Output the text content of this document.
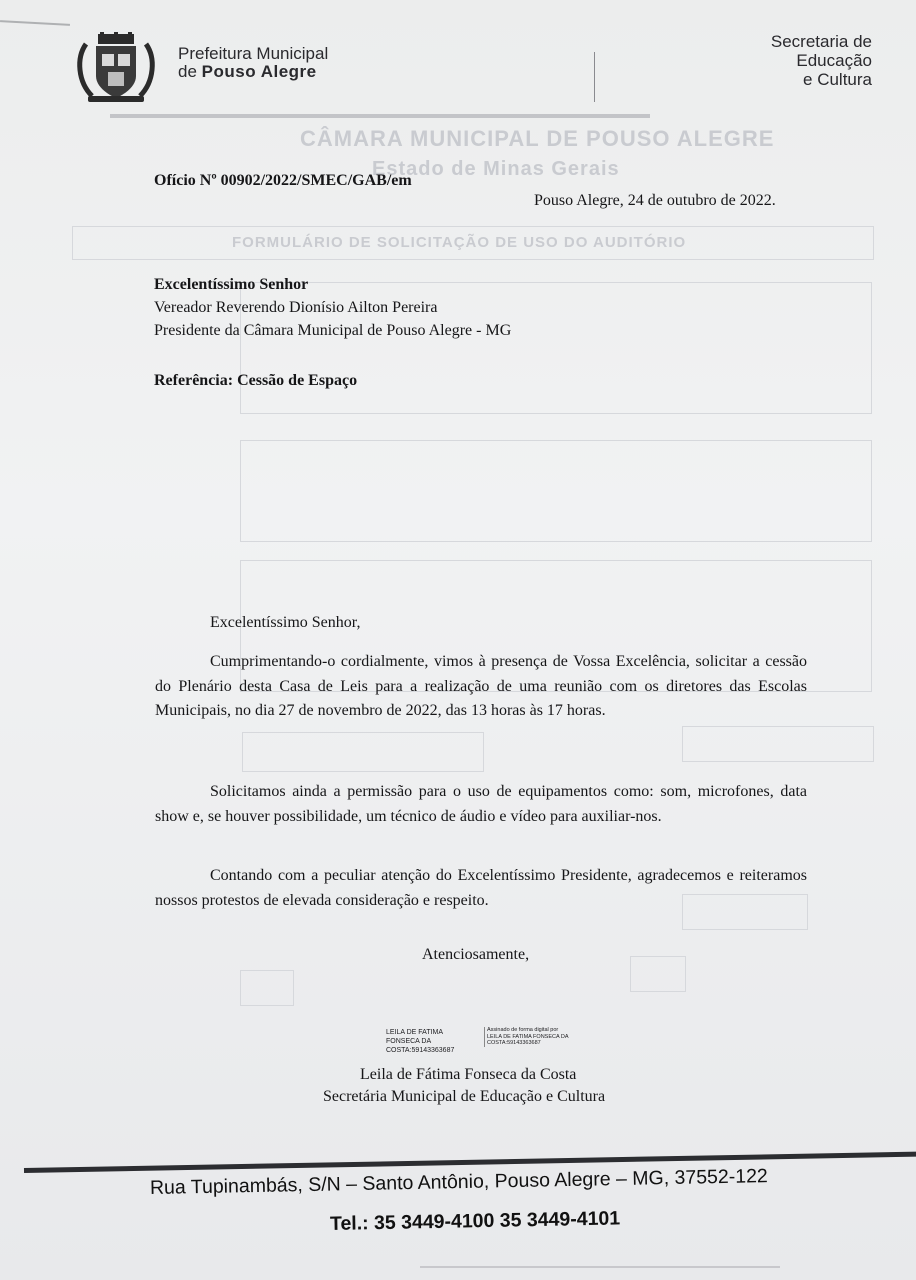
CÂMARA MUNICIPAL DE POUSO ALEGRE
Estado de Minas Gerais
FORMULÁRIO DE SOLICITAÇÃO DE USO DO AUDITÓRIO
Prefeitura Municipal
de Pouso Alegre
Secretaria de
Educação
e Cultura
Ofício Nº 00902/2022/SMEC/GAB/em
Pouso Alegre, 24 de outubro de 2022.
Excelentíssimo Senhor
Vereador Reverendo Dionísio Ailton Pereira
Presidente da Câmara Municipal de Pouso Alegre - MG
Referência: Cessão de Espaço
Excelentíssimo Senhor,
Cumprimentando-o cordialmente, vimos à presença de Vossa Excelência, solicitar a cessão do Plenário desta Casa de Leis para a realização de uma reunião com os diretores das Escolas Municipais, no dia 27 de novembro de 2022, das 13 horas às 17 horas.
Solicitamos ainda a permissão para o uso de equipamentos como: som, microfones, data show e, se houver possibilidade, um técnico de áudio e vídeo para auxiliar-nos.
Contando com a peculiar atenção do Excelentíssimo Presidente, agradecemos e reiteramos nossos protestos de elevada consideração e respeito.
Atenciosamente,
LEILA DE FATIMA
FONSECA DA
COSTA:59143363687
Assinado de forma digital por
LEILA DE FATIMA FONSECA DA
COSTA:59143363687
Leila de Fátima Fonseca da Costa
Secretária Municipal de Educação e Cultura
Rua Tupinambás, S/N – Santo Antônio, Pouso Alegre – MG, 37552-122
Tel.: 35 3449-4100 35 3449-4101
